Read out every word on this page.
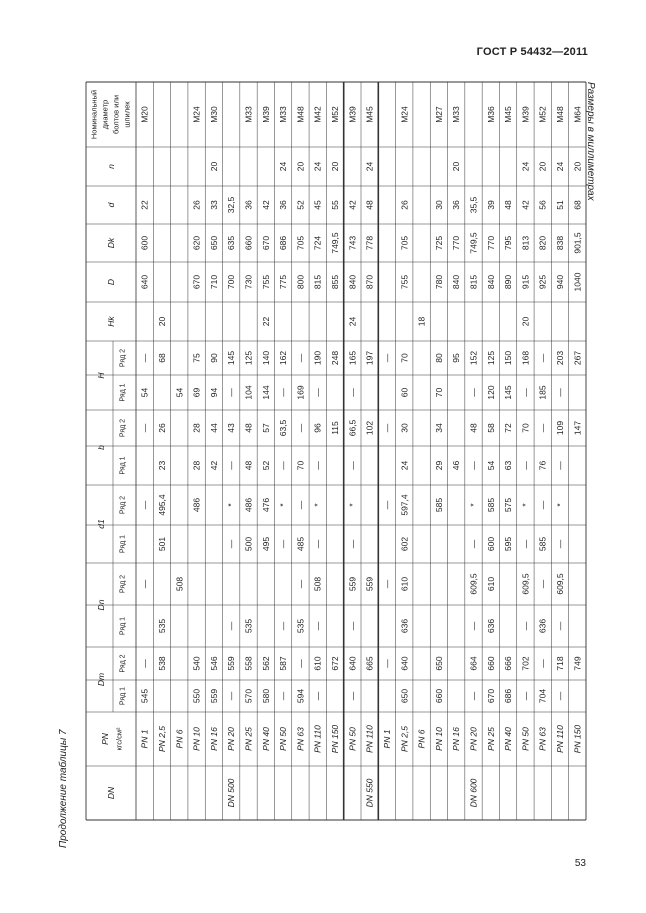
ГОСТ Р 54432—2011
Продолжение таблицы 7
Размеры в миллиметрах
53
DN
PN кгс/см²
Dm
Ряд 1
Ряд 2
Dn
Ряд 1
Ряд 2
d1
Ряд 1
Ряд 2
b
Ряд 1
Ряд 2
H
Ряд 1
Ряд 2
Hk
D
Dk
d
n
Номинальный диаметр болтов или шпилек M20
22
600
640
—
54
—
—
—
—
545
PN 1
20
68
26
23
495,4
501
535
538
PN 2,5
54
508
PN 6
M24
26
620
670
75
69
28
28
486
540
550
PN 10
M30
20
33
650
710
90
94
44
42
546
559
PN 16
32,5
635
700
145
—
43
—
*
—
—
559
—
PN 20
DN 500
M33
36
660
730
125
104
48
48
486
500
535
558
570
PN 25
M39
42
670
755
22
140
144
57
52
476
495
562
580
PN 40
M33
24
36
686
775
162
—
63,5
—
*
—
—
587
—
PN 50
M48
20
52
705
800
—
169
—
70
—
485
—
535
—
594
PN 63
M42
24
45
724
815
190
—
96
—
*
—
508
—
610
—
PN 110
M52
20
55
749,5
855
248
115
672
PN 150
M39
42
743
840
24
165
—
66,5
—
*
—
559
—
640
—
PN 50
M45
24
48
778
870
197
102
559
665
PN 110
DN 550
—
—
—
—
—
PN 1
M24
26
705
755
70
60
30
24
597,4
602
610
636
640
650
PN 2,5
18
PN 6
M27
30
725
780
80
70
34
29
585
650
660
PN 10
M33
20
36
770
840
95
46
PN 16
35,5
749,5
815
152
—
48
—
*
—
609,5
—
664
—
PN 20
DN 600
M36
39
770
840
125
120
58
54
585
600
610
636
660
670
PN 25
M45
48
795
890
150
145
72
63
575
595
666
686
PN 40
M39
24
42
813
915
20
168
—
70
—
*
—
609,5
—
702
—
PN 50
M52
20
56
820
925
—
185
—
76
—
585
—
636
—
704
PN 63
M48
24
51
838
940
203
—
109
—
*
—
609,5
—
718
—
PN 110
M64
20
68
901,5
1040
267
147
749
PN 150
